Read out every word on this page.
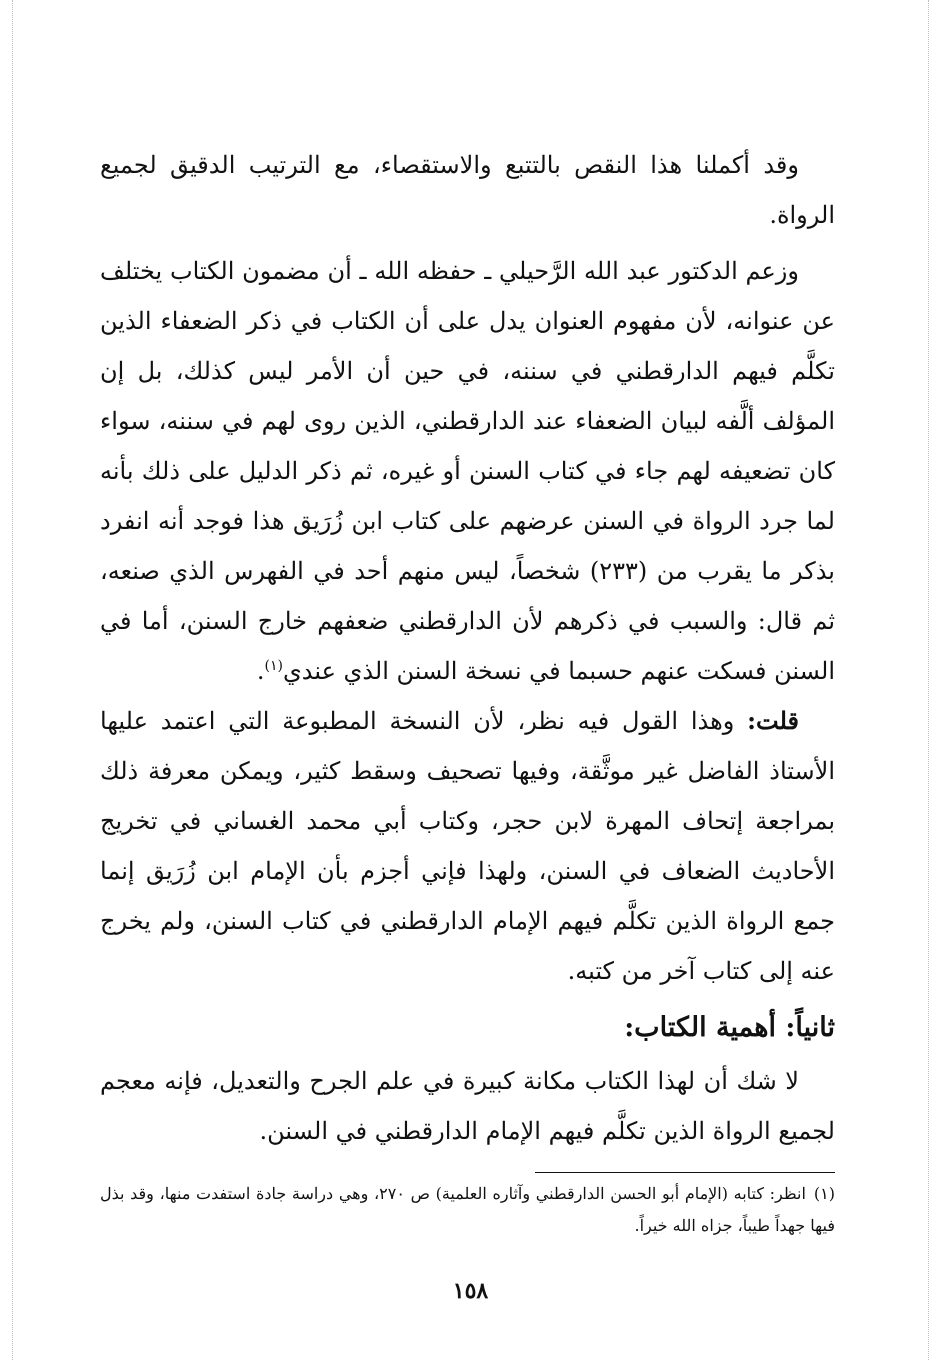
وقد أكملنا هذا النقص بالتتبع والاستقصاء، مع الترتيب الدقيق لجميع الرواة.

وزعم الدكتور عبد الله الرَّحيلي ـ حفظه الله ـ أن مضمون الكتاب يختلف عن عنوانه، لأن مفهوم العنوان يدل على أن الكتاب في ذكر الضعفاء الذين تكلَّم فيهم الدارقطني في سننه، في حين أن الأمر ليس كذلك، بل إن المؤلف ألَّفه لبيان الضعفاء عند الدارقطني، الذين روى لهم في سننه، سواء كان تضعيفه لهم جاء في كتاب السنن أو غيره، ثم ذكر الدليل على ذلك بأنه لما جرد الرواة في السنن عرضهم على كتاب ابن زُرَيق هذا فوجد أنه انفرد بذكر ما يقرب من (٢٣٣) شخصاً، ليس منهم أحد في الفهرس الذي صنعه، ثم قال: والسبب في ذكرهم لأن الدارقطني ضعفهم خارج السنن، أما في السنن فسكت عنهم حسبما في نسخة السنن الذي عندي$^{(١)}$.

قلت: وهذا القول فيه نظر، لأن النسخة المطبوعة التي اعتمد عليها الأستاذ الفاضل غير موثَّقة، وفيها تصحيف وسقط كثير، ويمكن معرفة ذلك بمراجعة إتحاف المهرة لابن حجر، وكتاب أبي محمد الغساني في تخريج الأحاديث الضعاف في السنن، ولهذا فإني أجزم بأن الإمام ابن زُرَيق إنما جمع الرواة الذين تكلَّم فيهم الإمام الدارقطني في كتاب السنن، ولم يخرج عنه إلى كتاب آخر من كتبه.

ثانياً: أهمية الكتاب:

لا شك أن لهذا الكتاب مكانة كبيرة في علم الجرح والتعديل، فإنه معجم لجميع الرواة الذين تكلَّم فيهم الإمام الدارقطني في السنن.

(١)انظر: كتابه (الإمام أبو الحسن الدارقطني وآثاره العلمية) ص ٢٧٠، وهي دراسة جادة استفدت منها، وقد بذل فيها جهداً طيباً، جزاه الله خيراً.
١٥٨
